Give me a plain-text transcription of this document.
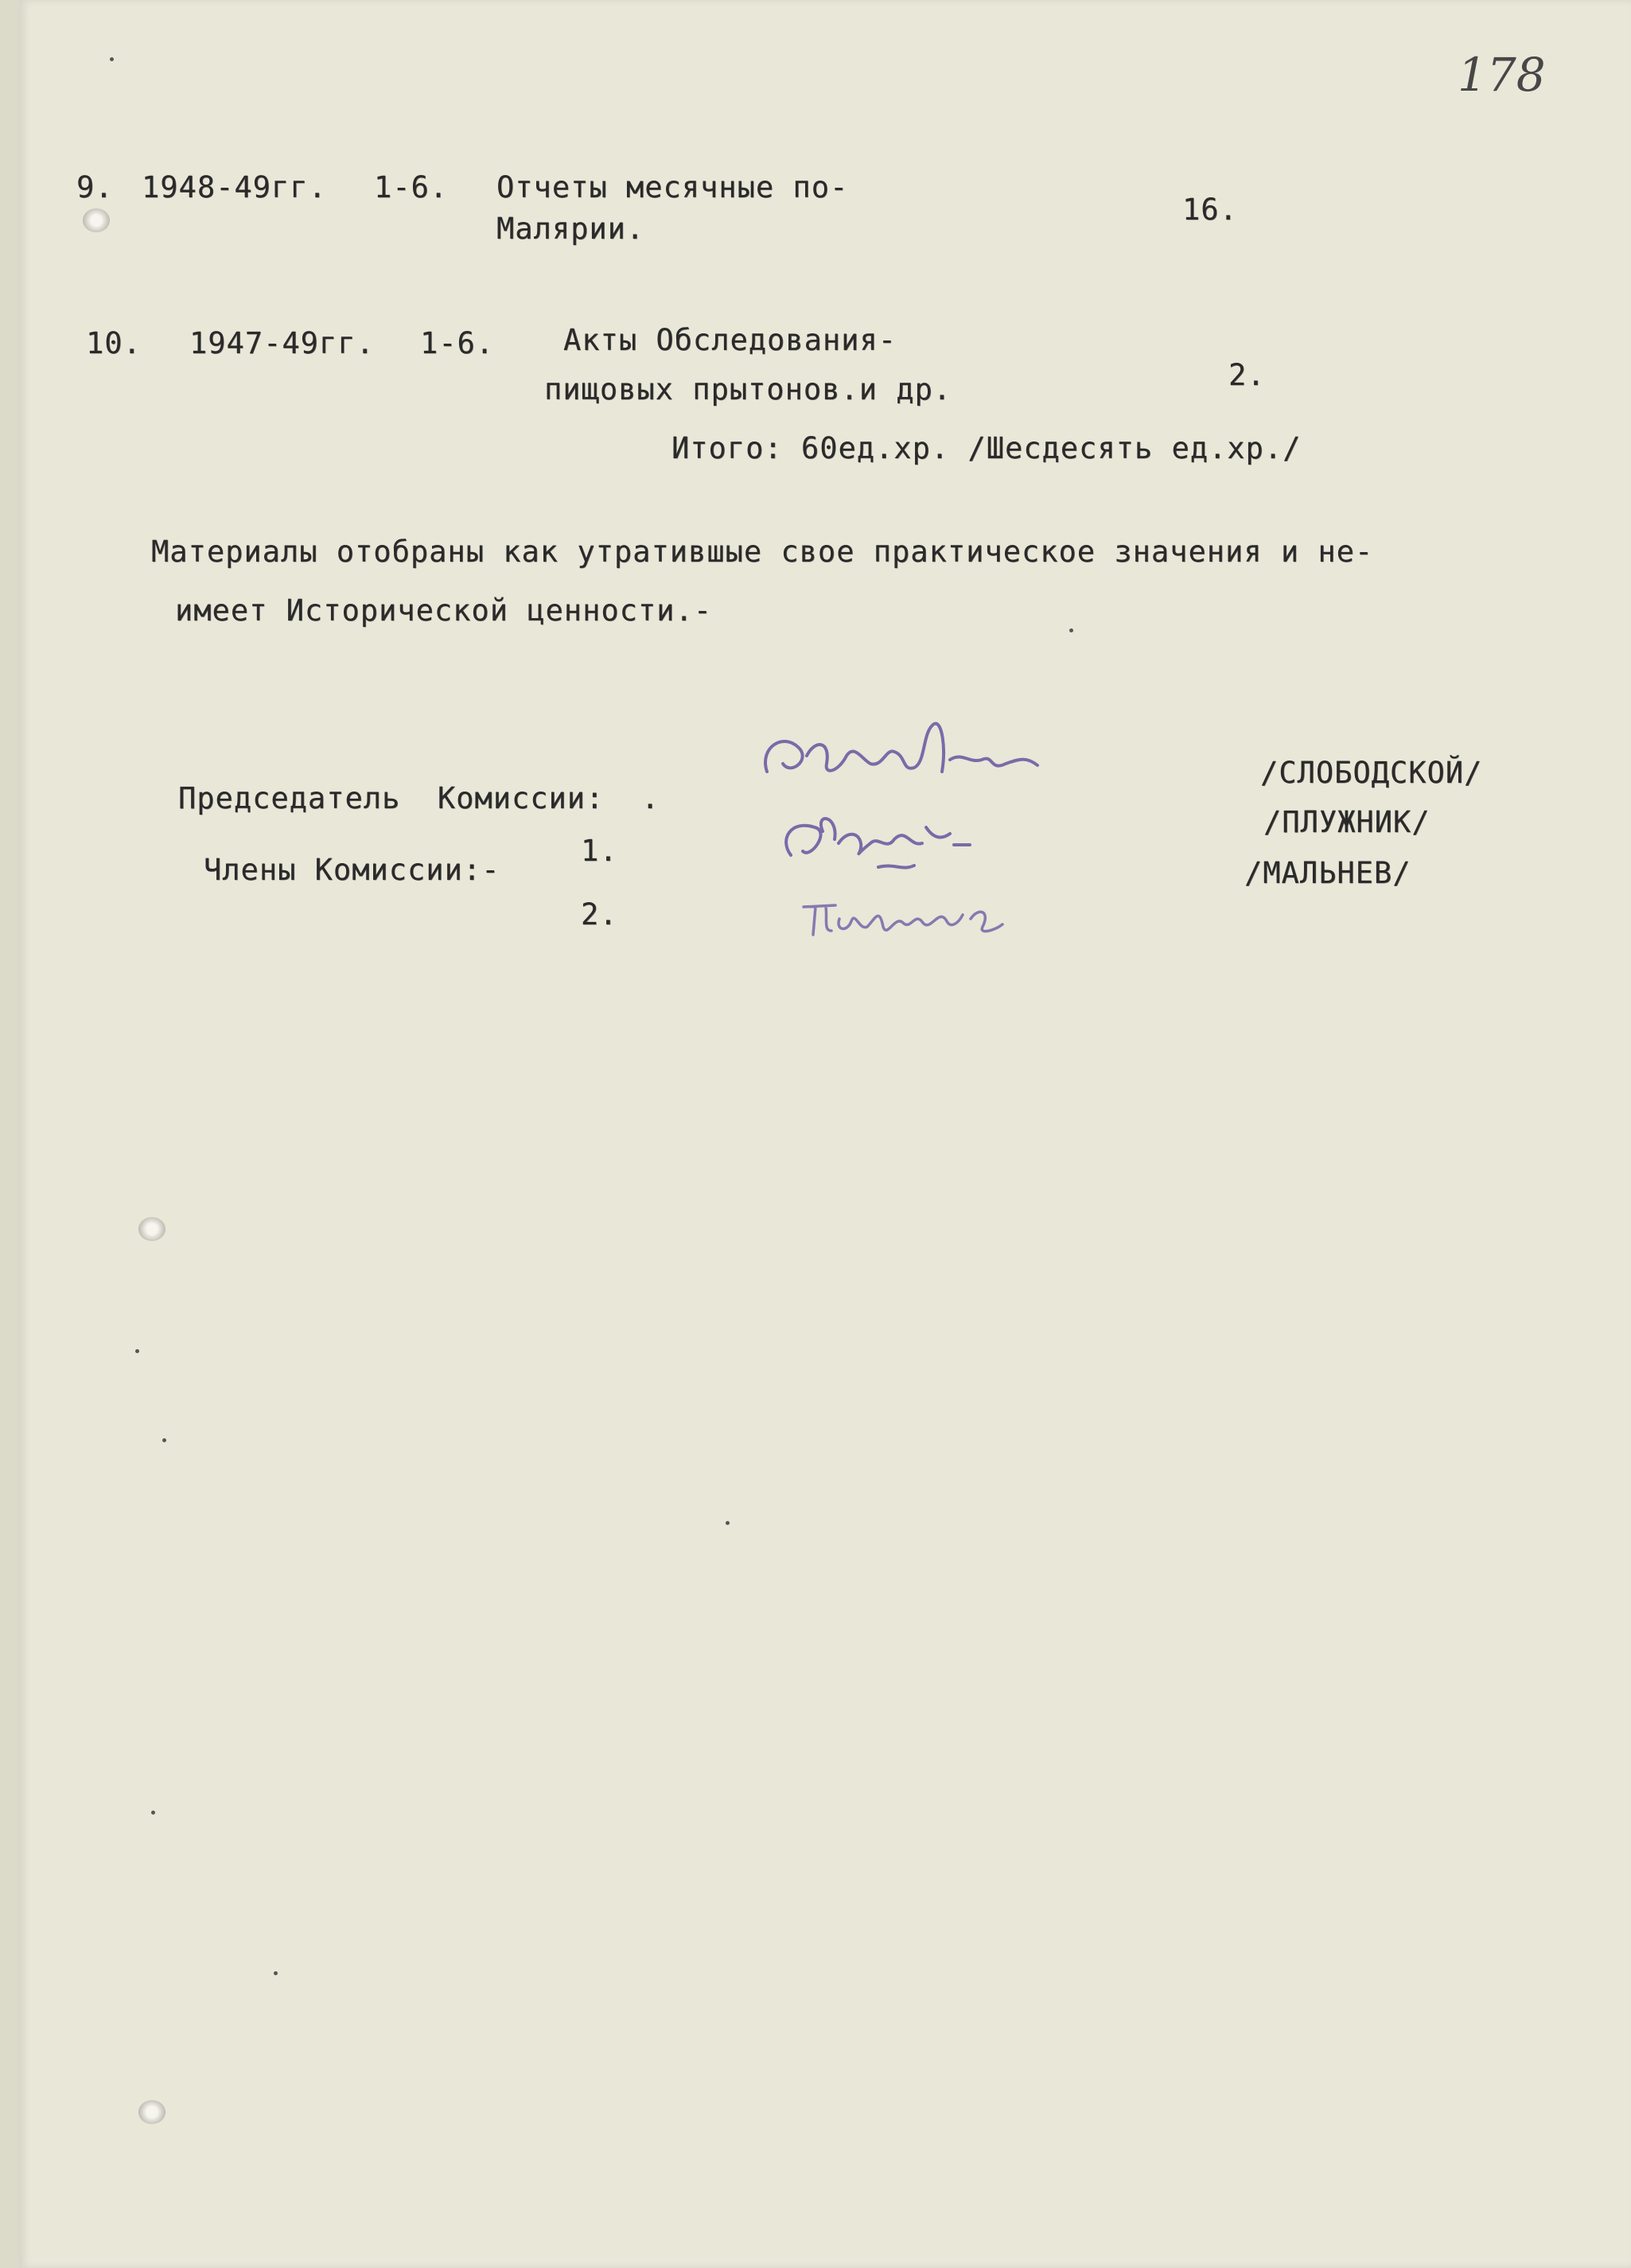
178
9. 1948-49гг. 1-6. Отчеты месячные по-
Малярии.
16.
10. 1947-49гг. 1-6. Акты Обследования-
пищовых прытонов.и др.	2.
Итого: 60ед.хр. /Шесдесять ед.хр./
Материалы отобраны как утратившые свое практическое значения и не-
имеет Исторической ценности.-
Председатель  Комиссии:  .
/СЛОБОДСКОЙ/
Члены Комиссии:-
1.
/ПЛУЖНИК/
2.
/МАЛЬНЕВ/
